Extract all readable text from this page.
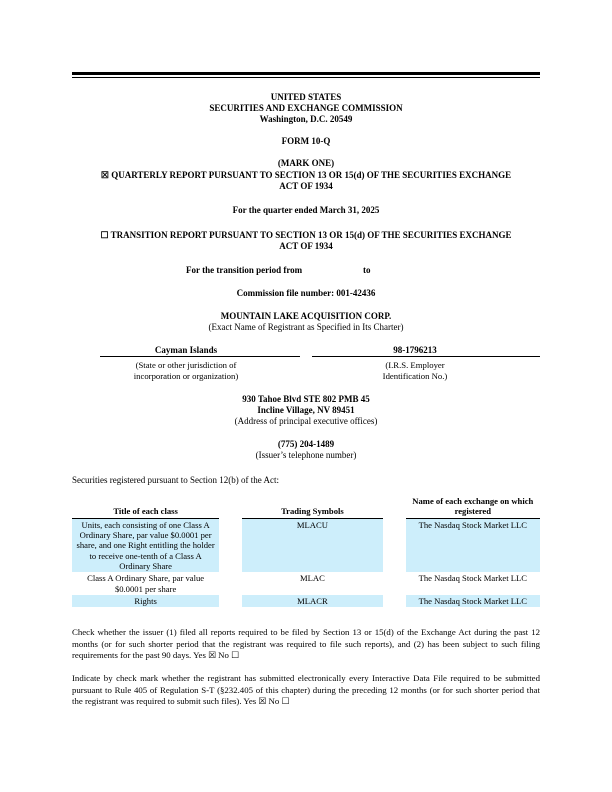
UNITED STATES
SECURITIES AND EXCHANGE COMMISSION
Washington, D.C. 20549
FORM 10-Q
(MARK ONE)
☒ QUARTERLY REPORT PURSUANT TO SECTION 13 OR 15(d) OF THE SECURITIES EXCHANGE
ACT OF 1934
For the quarter ended March 31, 2025
☐ TRANSITION REPORT PURSUANT TO SECTION 13 OR 15(d) OF THE SECURITIES EXCHANGE
ACT OF 1934
For the transition period from	to
Commission file number: 001-42436
MOUNTAIN LAKE ACQUISITION CORP.
(Exact Name of Registrant as Specified in Its Charter)
Cayman Islands
(State or other jurisdiction of
incorporation or organization)
98-1796213
(I.R.S. Employer
Identification No.)
930 Tahoe Blvd STE 802 PMB 45
Incline Village, NV 89451
(Address of principal executive offices)
(775) 204-1489
(Issuer’s telephone number)
Securities registered pursuant to Section 12(b) of the Act:
Title of each class		Trading Symbols		Name of each exchange on which registered
Units, each consisting of one Class A Ordinary Share, par value $0.0001 per share, and one Right entitling the holder to receive one-tenth of a Class A Ordinary Share		MLACU		The Nasdaq Stock Market LLC
Class A Ordinary Share, par value $0.0001 per share		MLAC		The Nasdaq Stock Market LLC
Rights		MLACR		The Nasdaq Stock Market LLC
Check whether the issuer (1) filed all reports required to be filed by Section 13 or 15(d) of the Exchange Act during the past 12 months (or for such shorter period that the registrant was required to file such reports), and (2) has been subject to such filing requirements for the past 90 days. Yes ☒ No ☐
Indicate by check mark whether the registrant has submitted electronically every Interactive Data File required to be submitted pursuant to Rule 405 of Regulation S-T (§232.405 of this chapter) during the preceding 12 months (or for such shorter period that the registrant was required to submit such files). Yes ☒ No ☐
